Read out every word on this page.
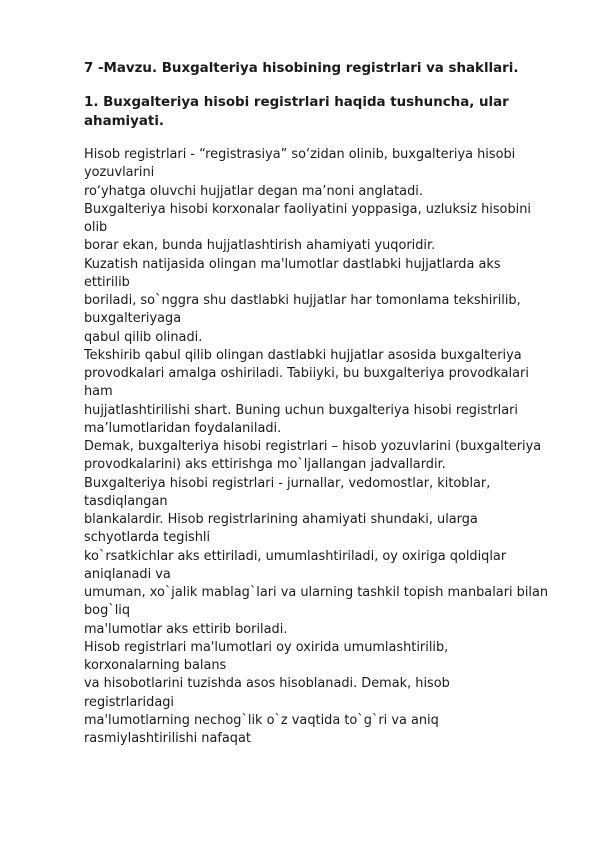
7 -Mavzu. Buxgalteriya hisobining registrlari va shakllari.
1. Buxgalteriya hisobi registrlari haqida tushuncha, ular
ahamiyati.
Hisob registrlari - “registrasiya” so‘zidan olinib, buxgalteriya hisobi
yozuvlarini
ro‘yhatga oluvchi hujjatlar degan ma’noni anglatadi.
Buxgalteriya hisobi korxonalar faoliyatini yoppasiga, uzluksiz hisobini
olib
borar ekan, bunda hujjatlashtirish ahamiyati yuqoridir.
Kuzatish natijasida olingan ma'lumotlar dastlabki hujjatlarda aks
ettirilib
boriladi, so`nggra shu dastlabki hujjatlar har tomonlama tekshirilib,
buxgalteriyaga
qabul qilib olinadi.
Tekshirib qabul qilib olingan dastlabki hujjatlar asosida buxgalteriya
provodkalari amalga oshiriladi. Tabiiyki, bu buxgalteriya provodkalari
ham
hujjatlashtirilishi shart. Buning uchun buxgalteriya hisobi registrlari
ma’lumotlaridan foydalaniladi.
Demak, buxgalteriya hisobi registrlari – hisob yozuvlarini (buxgalteriya
provodkalarini) aks ettirishga mo`ljallangan jadvallardir.
Buxgalteriya hisobi registrlari - jurnallar, vedomostlar, kitoblar,
tasdiqlangan
blankalardir. Hisob registrlarining ahamiyati shundaki, ularga
schyotlarda tegishli
ko`rsatkichlar aks ettiriladi, umumlashtiriladi, oy oxiriga qoldiqlar
aniqlanadi va
umuman, xo`jalik mablag`lari va ularning tashkil topish manbalari bilan
bog`liq
ma'lumotlar aks ettirib boriladi.
Hisob registrlari ma'lumotlari oy oxirida umumlashtirilib,
korxonalarning balans
va hisobotlarini tuzishda asos hisoblanadi. Demak, hisob
registrlaridagi
ma'lumotlarning nechog`lik o`z vaqtida to`g`ri va aniq
rasmiylashtirilishi nafaqat
